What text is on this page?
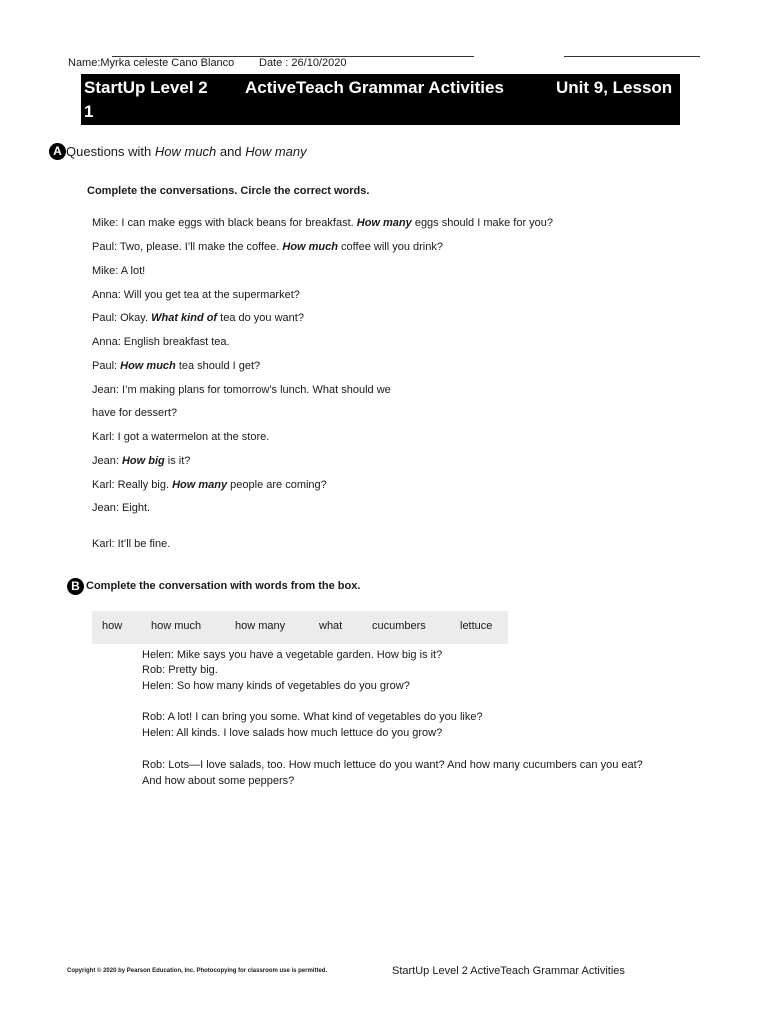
Name:Myrka celeste Cano Blanco Date : 26/10/2020
StartUp Level 2 ActiveTeach Grammar Activities	Unit 9, Lesson
1
A Questions with How much and How many
Complete the conversations. Circle the correct words.
Mike: I can make eggs with black beans for breakfast. How many eggs should I make for you?
Paul: Two, please. I’ll make the coffee. How much coffee will you drink?
Mike: A lot!
Anna: Will you get tea at the supermarket?
Paul: Okay. What kind of tea do you want?
Anna: English breakfast tea.
Paul: How much tea should I get?
Jean: I’m making plans for tomorrow’s lunch. What should we
have for dessert?
Karl: I got a watermelon at the store.
Jean: How big is it?
Karl: Really big. How many people are coming?
Jean: Eight.
Karl: It’ll be fine.
B Complete the conversation with words from the box.
how	how much	how many	what	cucumbers	lettuce
Helen: Mike says you have a vegetable garden. How big is it?
Rob: Pretty big.
Helen: So how many kinds of vegetables do you grow?
Rob: A lot! I can bring you some. What kind of vegetables do you like?
Helen: All kinds. I love salads how much lettuce do you grow?
Rob: Lots—I love salads, too. How much lettuce do you want? And how many cucumbers can you eat?
And how about some peppers?
Copyright © 2020 by Pearson Education, Inc. Photocopying for classroom use is permitted.	StartUp Level 2 ActiveTeach Grammar Activities
